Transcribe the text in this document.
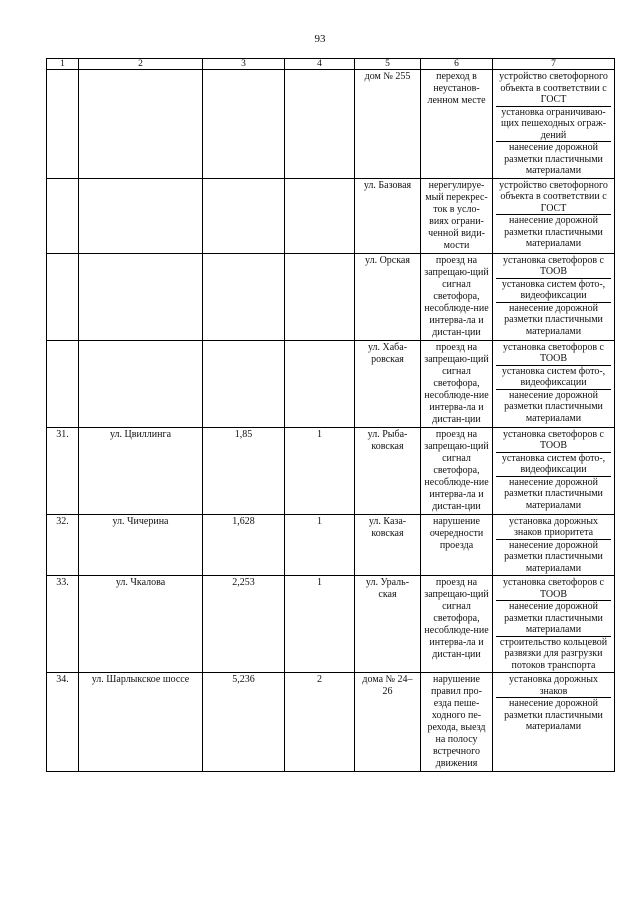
93
1	2	3	4	5	6	7
				дом № 255	переход в неустанов-ленном месте	устройство светофорного объекта в соответствии с ГОСТ
установка ограничиваю-щих пешеходных ограж-дений
нанесение дорожной разметки пластичными материалами

				ул. Базовая	нерегулируе-мый перекрес-ток в усло-виях ограни-ченной види-мости	устройство светофорного объекта в соответствии с ГОСТ
нанесение дорожной разметки пластичными материалами

				ул. Орская	проезд на запрещаю-щий сигнал светофора, несоблюде-ние интерва-ла и дистан-ции	установка светофоров с ТООВ
установка систем фото-, видеофиксации
нанесение дорожной разметки пластичными материалами

				ул. Хаба-ровская	проезд на запрещаю-щий сигнал светофора, несоблюде-ние интерва-ла и дистан-ции	установка светофоров с ТООВ
установка систем фото-, видеофиксации
нанесение дорожной разметки пластичными материалами

31.	ул. Цвиллинга	1,85	1	ул. Рыба-ковская	проезд на запрещаю-щий сигнал светофора, несоблюде-ние интерва-ла и дистан-ции	установка светофоров с ТООВ
установка систем фото-, видеофиксации
нанесение дорожной разметки пластичными материалами

32.	ул. Чичерина	1,628	1	ул. Каза-ковская	нарушение очередности проезда	установка дорожных знаков приоритета
нанесение дорожной разметки пластичными материалами

33.	ул. Чкалова	2,253	1	ул. Ураль-ская	проезд на запрещаю-щий сигнал светофора, несоблюде-ние интерва-ла и дистан-ции	установка светофоров с ТООВ
нанесение дорожной разметки пластичными материалами
строительство кольцевой развязки для разгрузки потоков транспорта

34.	ул. Шарлыкское шоссе	5,236	2	дома № 24–26	нарушение правил про-езда пеше-ходного пе-рехода, выезд на полосу встречного движения	установка дорожных знаков
нанесение дорожной разметки пластичными материалами
